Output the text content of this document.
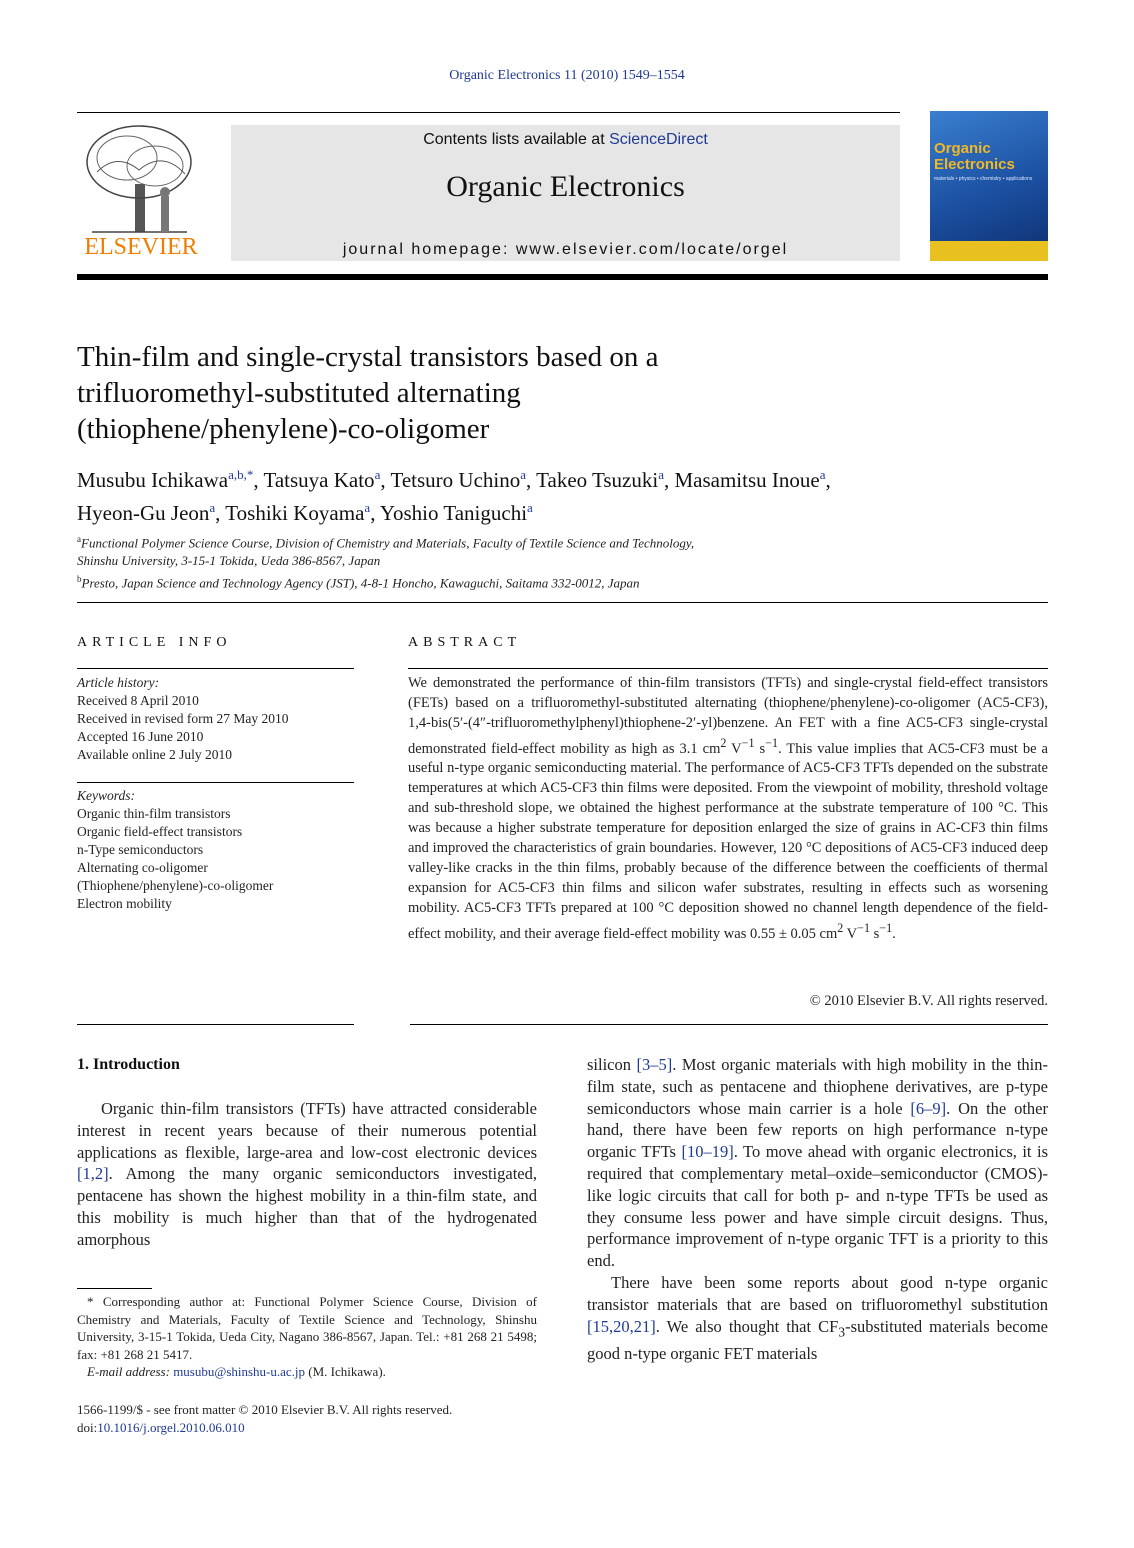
Organic Electronics 11 (2010) 1549–1554
ELSEVIER
Contents lists available at ScienceDirect
Organic Electronics
journal homepage: www.elsevier.com/locate/orgel
Organic Electronics
materials • physics • chemistry • applications
Thin-film and single-crystal transistors based on a trifluoromethyl-substituted alternating (thiophene/phenylene)-co-oligomer
Musubu Ichikawa$^{a,b,*}$, Tatsuya Kato$^a$, Tetsuro Uchino$^a$, Takeo Tsuzuki$^a$, Masamitsu Inoue$^a$,
Hyeon-Gu Jeon$^a$, Toshiki Koyama$^a$, Yoshio Taniguchi$^a$
$^a$Functional Polymer Science Course, Division of Chemistry and Materials, Faculty of Textile Science and Technology,
Shinshu University, 3-15-1 Tokida, Ueda 386-8567, Japan
$^b$Presto, Japan Science and Technology Agency (JST), 4-8-1 Honcho, Kawaguchi, Saitama 332-0012, Japan
ARTICLE INFO
Article history:
Received 8 April 2010
Received in revised form 27 May 2010
Accepted 16 June 2010
Available online 2 July 2010
Keywords:
Organic thin-film transistors
Organic field-effect transistors
n-Type semiconductors
Alternating co-oligomer
(Thiophene/phenylene)-co-oligomer
Electron mobility
ABSTRACT
We demonstrated the performance of thin-film transistors (TFTs) and single-crystal field-effect transistors (FETs) based on a trifluoromethyl-substituted alternating (thiophene/phenylene)-co-oligomer (AC5-CF3), 1,4-bis(5′-(4″-trifluoromethylphenyl)thiophene-2′-yl)benzene. An FET with a fine AC5-CF3 single-crystal demonstrated field-effect mobility as high as 3.1 $cm^2$ $V^{-1}$ $s^{-1}$. This value implies that AC5-CF3 must be a useful n-type organic semiconducting material. The performance of AC5-CF3 TFTs depended on the substrate temperatures at which AC5-CF3 thin films were deposited. From the viewpoint of mobility, threshold voltage and sub-threshold slope, we obtained the highest performance at the substrate temperature of 100 °C. This was because a higher substrate temperature for deposition enlarged the size of grains in AC-CF3 thin films and improved the characteristics of grain boundaries. However, 120 °C depositions of AC5-CF3 induced deep valley-like cracks in the thin films, probably because of the difference between the coefficients of thermal expansion for AC5-CF3 thin films and silicon wafer substrates, resulting in effects such as worsening mobility. AC5-CF3 TFTs prepared at 100 °C deposition showed no channel length dependence of the field-effect mobility, and their average field-effect mobility was 0.55 ± 0.05 $cm^2$ $V^{-1}$ $s^{-1}$.
© 2010 Elsevier B.V. All rights reserved.
1. Introduction
Organic thin-film transistors (TFTs) have attracted considerable interest in recent years because of their numerous potential applications as flexible, large-area and low-cost electronic devices [1,2]. Among the many organic semiconductors investigated, pentacene has shown the highest mobility in a thin-film state, and this mobility is much higher than that of the hydrogenated amorphous

silicon [3–5]. Most organic materials with high mobility in the thin-film state, such as pentacene and thiophene derivatives, are p-type semiconductors whose main carrier is a hole [6–9]. On the other hand, there have been few reports on high performance n-type organic TFTs [10–19]. To move ahead with organic electronics, it is required that complementary metal–oxide–semiconductor (CMOS)-like logic circuits that call for both p- and n-type TFTs be used as they consume less power and have simple circuit designs. Thus, performance improvement of n-type organic TFT is a priority to this end.

There have been some reports about good n-type organic transistor materials that are based on trifluoromethyl substitution [15,20,21]. We also thought that $CF_3$-substituted materials become good n-type organic FET materials

* Corresponding author at: Functional Polymer Science Course, Division of Chemistry and Materials, Faculty of Textile Science and Technology, Shinshu University, 3-15-1 Tokida, Ueda City, Nagano 386-8567, Japan. Tel.: +81 268 21 5498; fax: +81 268 21 5417.
E-mail address: musubu@shinshu-u.ac.jp (M. Ichikawa).
1566-1199/$ - see front matter © 2010 Elsevier B.V. All rights reserved.
doi:10.1016/j.orgel.2010.06.010
